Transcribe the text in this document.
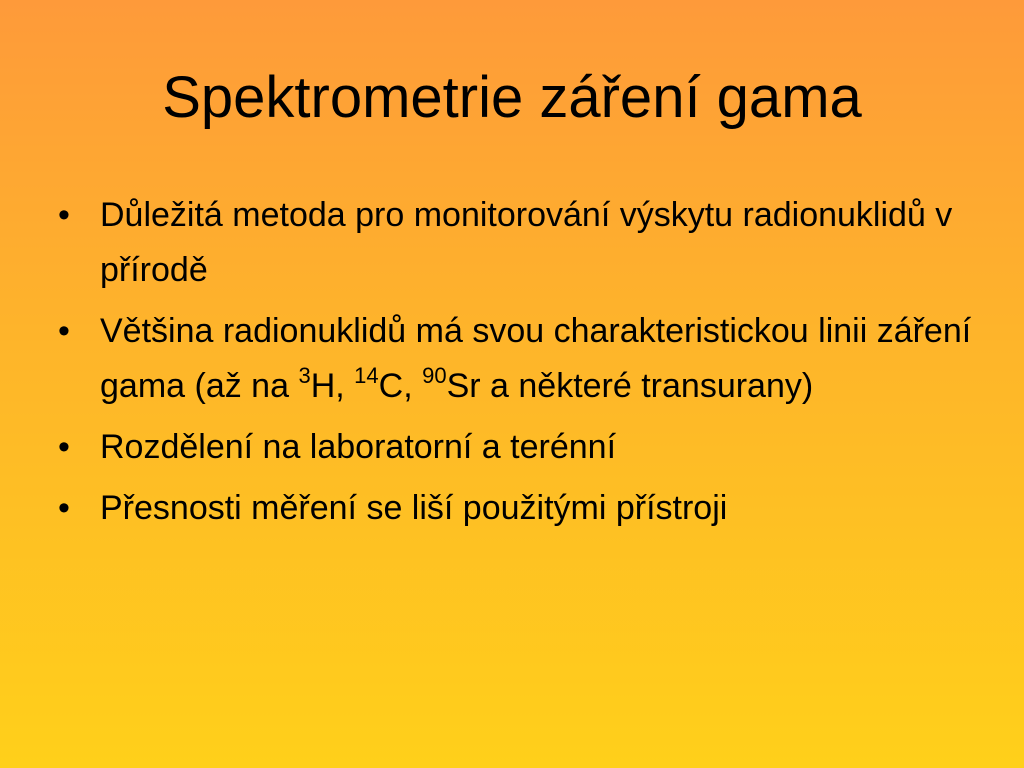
Spektrometrie záření gama
• Důležitá metoda pro monitorování výskytu radionuklidů v přírodě
• Většina radionuklidů má svou charakteristickou linii záření gama (až na $^3$H, $^{14}$C, $^{90}$Sr a některé transurany)
• Rozdělení na laboratorní a terénní
• Přesnosti měření se liší použitými přístroji
